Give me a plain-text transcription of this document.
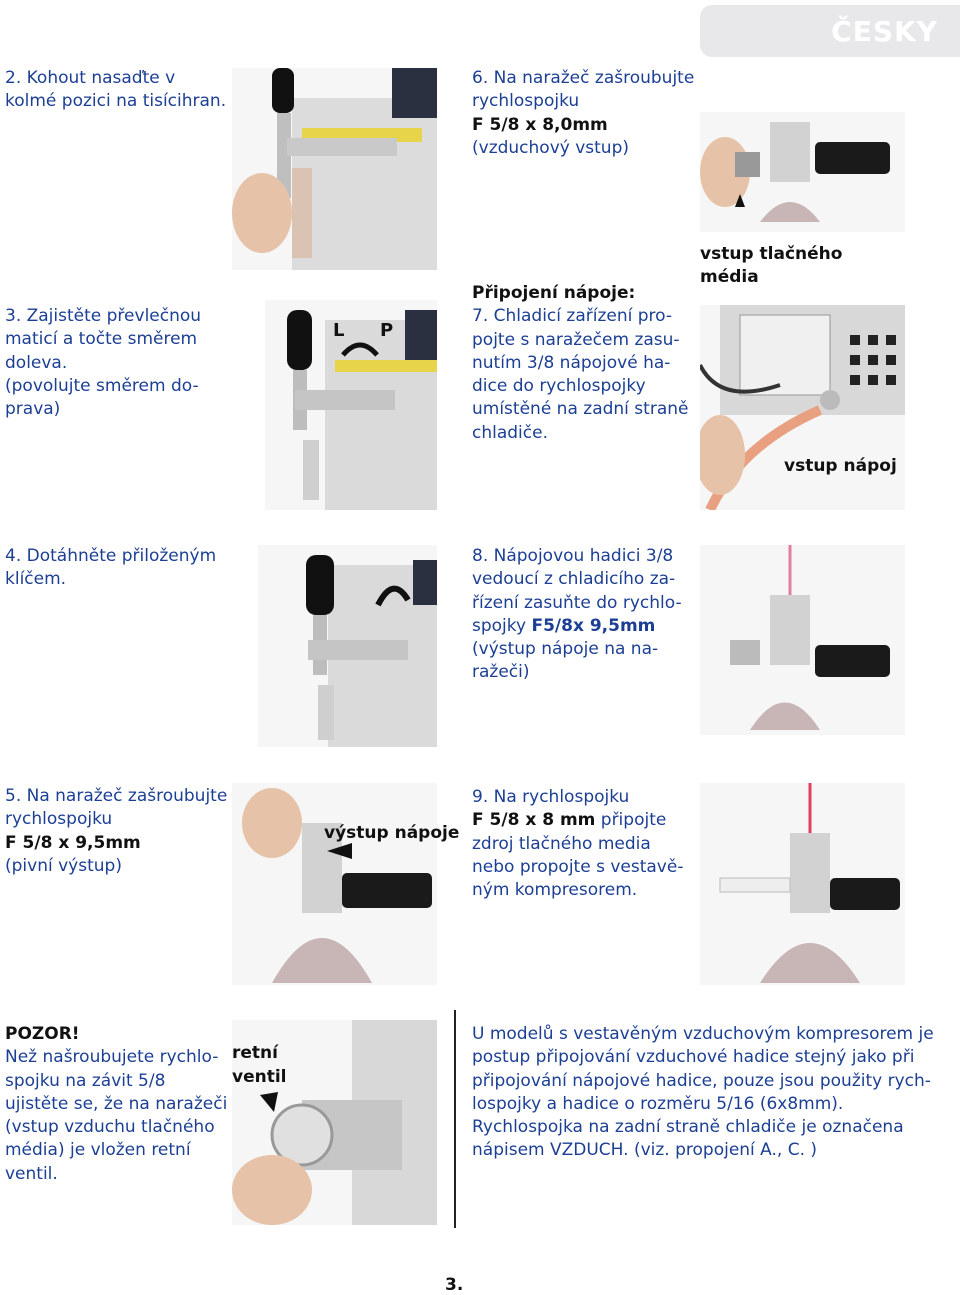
ČESKY
2. Kohout nasaďte v
kolmé pozici na tisícihran.
6. Na naražeč zašroubujte
rychlospojku
F 5/8 x 8,0mm
(vzduchový vstup)
3. Zajistěte převlečnou
maticí a točte směrem
doleva.
(povolujte směrem do-
prava)
L P
Připojení nápoje:
7. Chladicí zařízení pro-
pojte s naražečem zasu-
nutím 3/8 nápojové ha-
dice do rychlospojky
umístěné na zadní straně
chladiče.
vstup tlačného
média
vstup nápoj
4. Dotáhněte přiloženým
klíčem.
8. Nápojovou hadici 3/8
vedoucí z chladicího za-
řízení zasuňte do rychlo-
spojky F5/8x 9,5mm
(výstup nápoje na na-
ražeči)
5. Na naražeč zašroubujte
rychlospojku
F 5/8 x 9,5mm
(pivní výstup)
výstup nápoje
9. Na rychlospojku
F 5/8 x 8 mm připojte
zdroj tlačného media
nebo propojte s vestavě-
ným kompresorem.
POZOR!
Než našroubujete rychlo-
spojku na závit 5/8
ujistěte se, že na naražeči
(vstup vzduchu tlačného
média) je vložen retní
ventil.
retní
ventil
U modelů s vestavěným vzduchovým kompresorem je
postup připojování vzduchové hadice stejný jako při
připojování nápojové hadice, pouze jsou použity rych-
lospojky a hadice o rozměru 5/16 (6x8mm).
Rychlospojka na zadní straně chladiče je označena
nápisem VZDUCH. (viz. propojení A., C. )
3.
